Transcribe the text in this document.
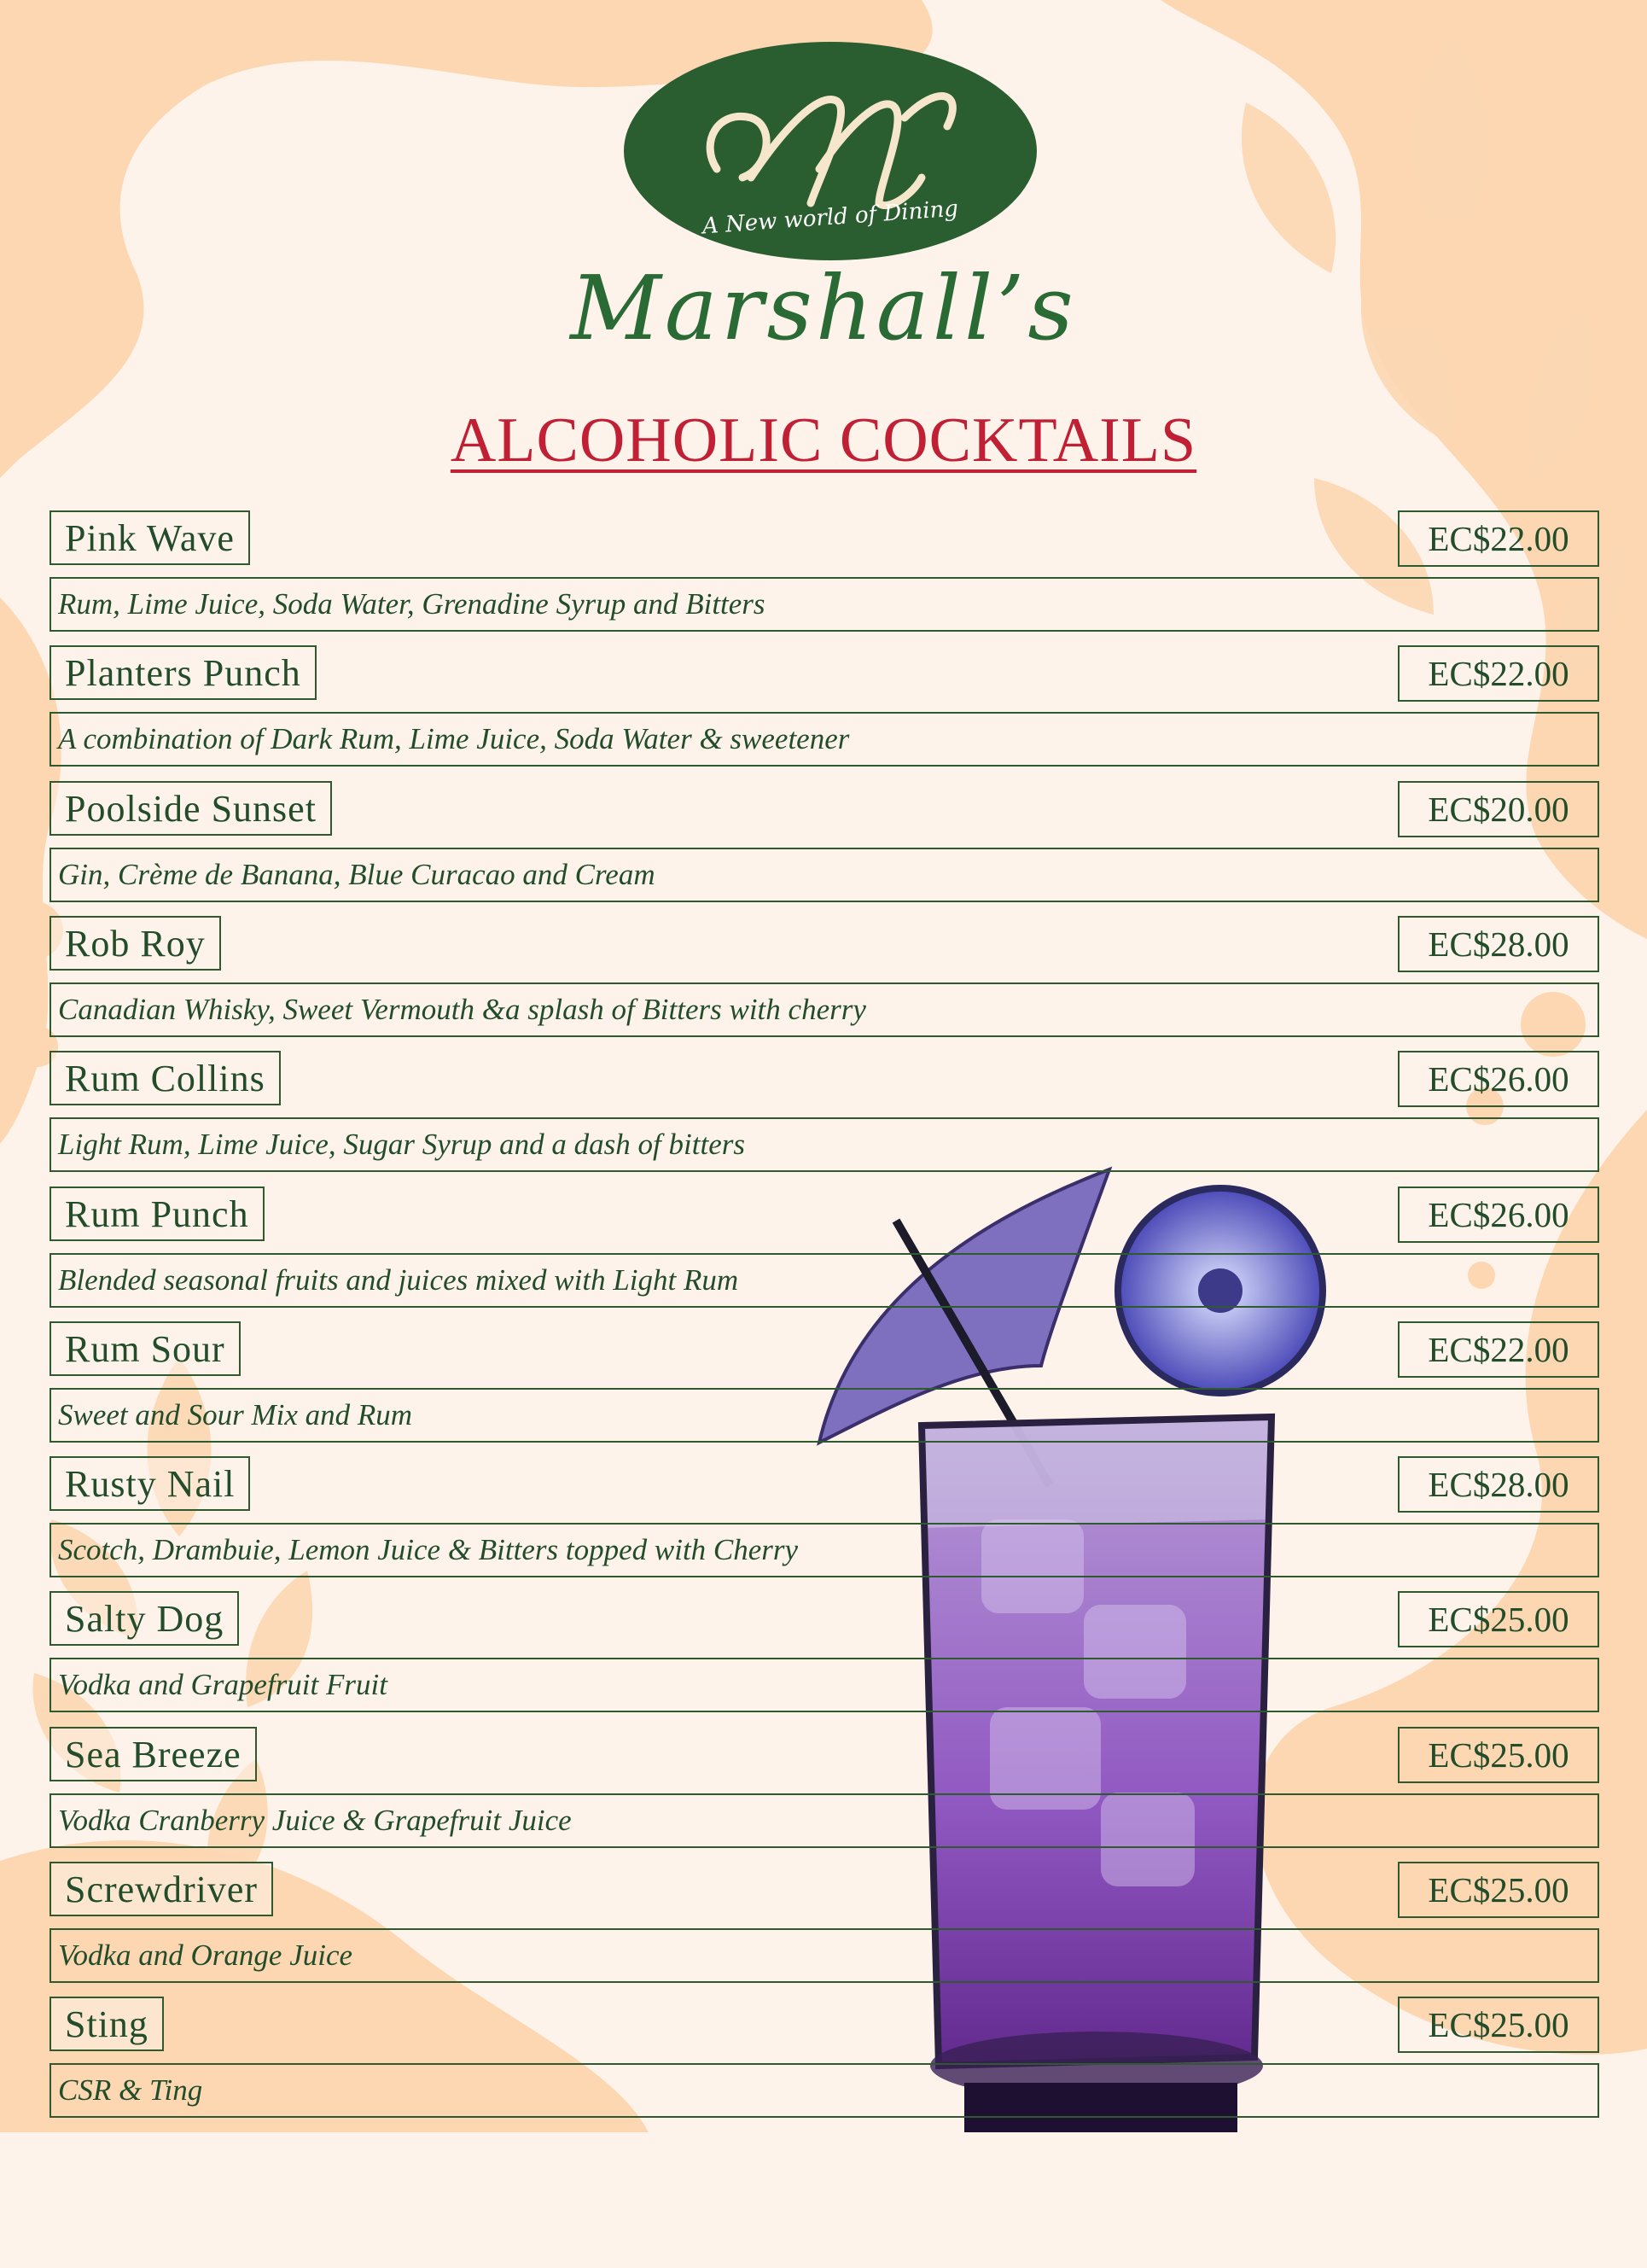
A New world of Dining
Marshall’s
ALCOHOLIC COCKTAILS
Pink Wave	EC$22.00
Rum, Lime Juice, Soda Water, Grenadine Syrup and Bitters
Planters Punch	EC$22.00
A combination of Dark Rum, Lime Juice, Soda Water & sweetener
Poolside Sunset	EC$20.00
Gin, Crème de Banana, Blue Curacao and Cream
Rob Roy	EC$28.00
Canadian Whisky, Sweet Vermouth &a splash of Bitters with cherry
Rum Collins	EC$26.00
Light Rum, Lime Juice, Sugar Syrup and a dash of bitters
Rum Punch	EC$26.00
Blended seasonal fruits and juices mixed with Light Rum
Rum Sour	EC$22.00
Sweet and Sour Mix and Rum
Rusty Nail	EC$28.00
Scotch, Drambuie, Lemon Juice & Bitters topped with Cherry
Salty Dog	EC$25.00
Vodka and Grapefruit Fruit
Sea Breeze	EC$25.00
Vodka Cranberry Juice & Grapefruit Juice
Screwdriver	EC$25.00
Vodka and Orange Juice
Sting	EC$25.00
CSR & Ting
